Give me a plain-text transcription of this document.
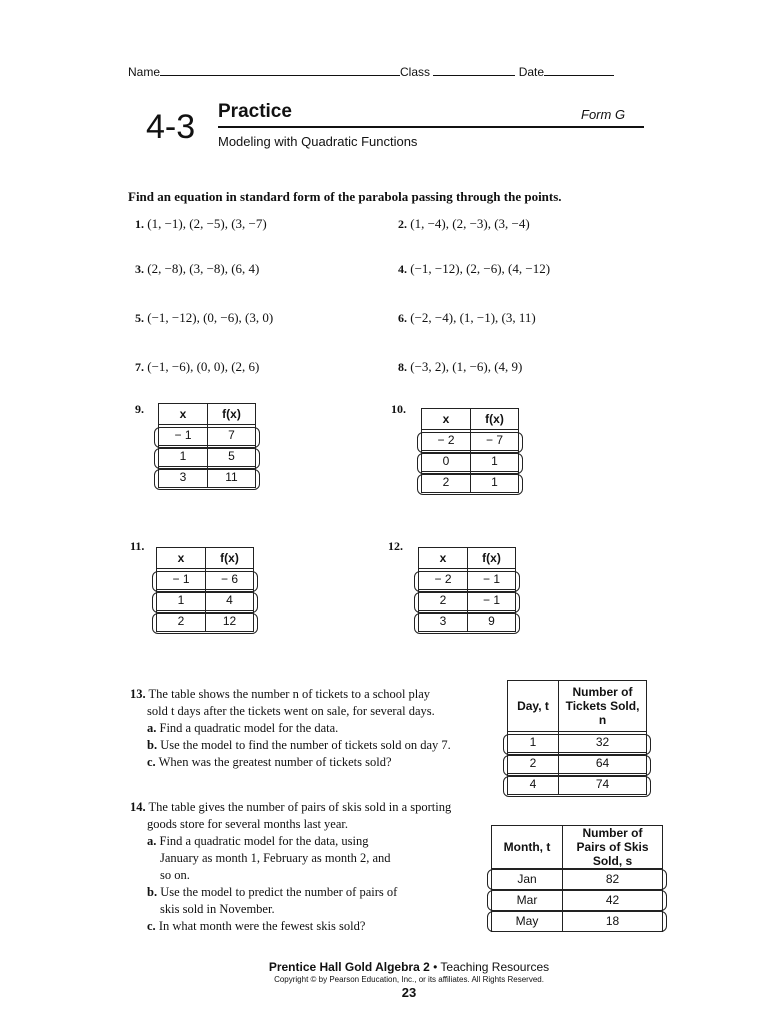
Name	Class	Date
4-3 Practice	Form G
Modeling with Quadratic Functions
Find an equation in standard form of the parabola passing through the points.
1. (1, −1), (2, −5), (3, −7)	2. (1, −4), (2, −3), (3, −4)
3. (2, −8), (3, −8), (6, 4)	4. (−1, −12), (2, −6), (4, −12)
5. (−1, −12), (0, −6), (3, 0)	6. (−2, −4), (1, −1), (3, 11)
7. (−1, −6), (0, 0), (2, 6)	8. (−3, 2), (1, −6), (4, 9)
9.	x	f(x)
− 1	7
1	5
3	11
10.
x	f(x)
− 2	− 7
0	1
2	1
11.
x	f(x)
− 1	− 6
1	4
2	12
12.
x	f(x)
− 2	− 1
2	− 1
3	9
13. The table shows the number n of tickets to a school play
sold t days after the tickets went on sale, for several days.
a. Find a quadratic model for the data.
b. Use the model to find the number of tickets sold on day 7.
c. When was the greatest number of tickets sold?
Day, t	Number of Tickets Sold, n
1	32
2	64
4	74
14. The table gives the number of pairs of skis sold in a sporting
goods store for several months last year.
a. Find a quadratic model for the data, using
January as month 1, February as month 2, and
so on.
b. Use the model to predict the number of pairs of
skis sold in November.
c. In what month were the fewest skis sold?
Month, t	Number of Pairs of Skis Sold, s
Jan	82
Mar	42
May	18
Prentice Hall Gold Algebra 2 • Teaching Resources
Copyright © by Pearson Education, Inc., or its affiliates. All Rights Reserved.
23
